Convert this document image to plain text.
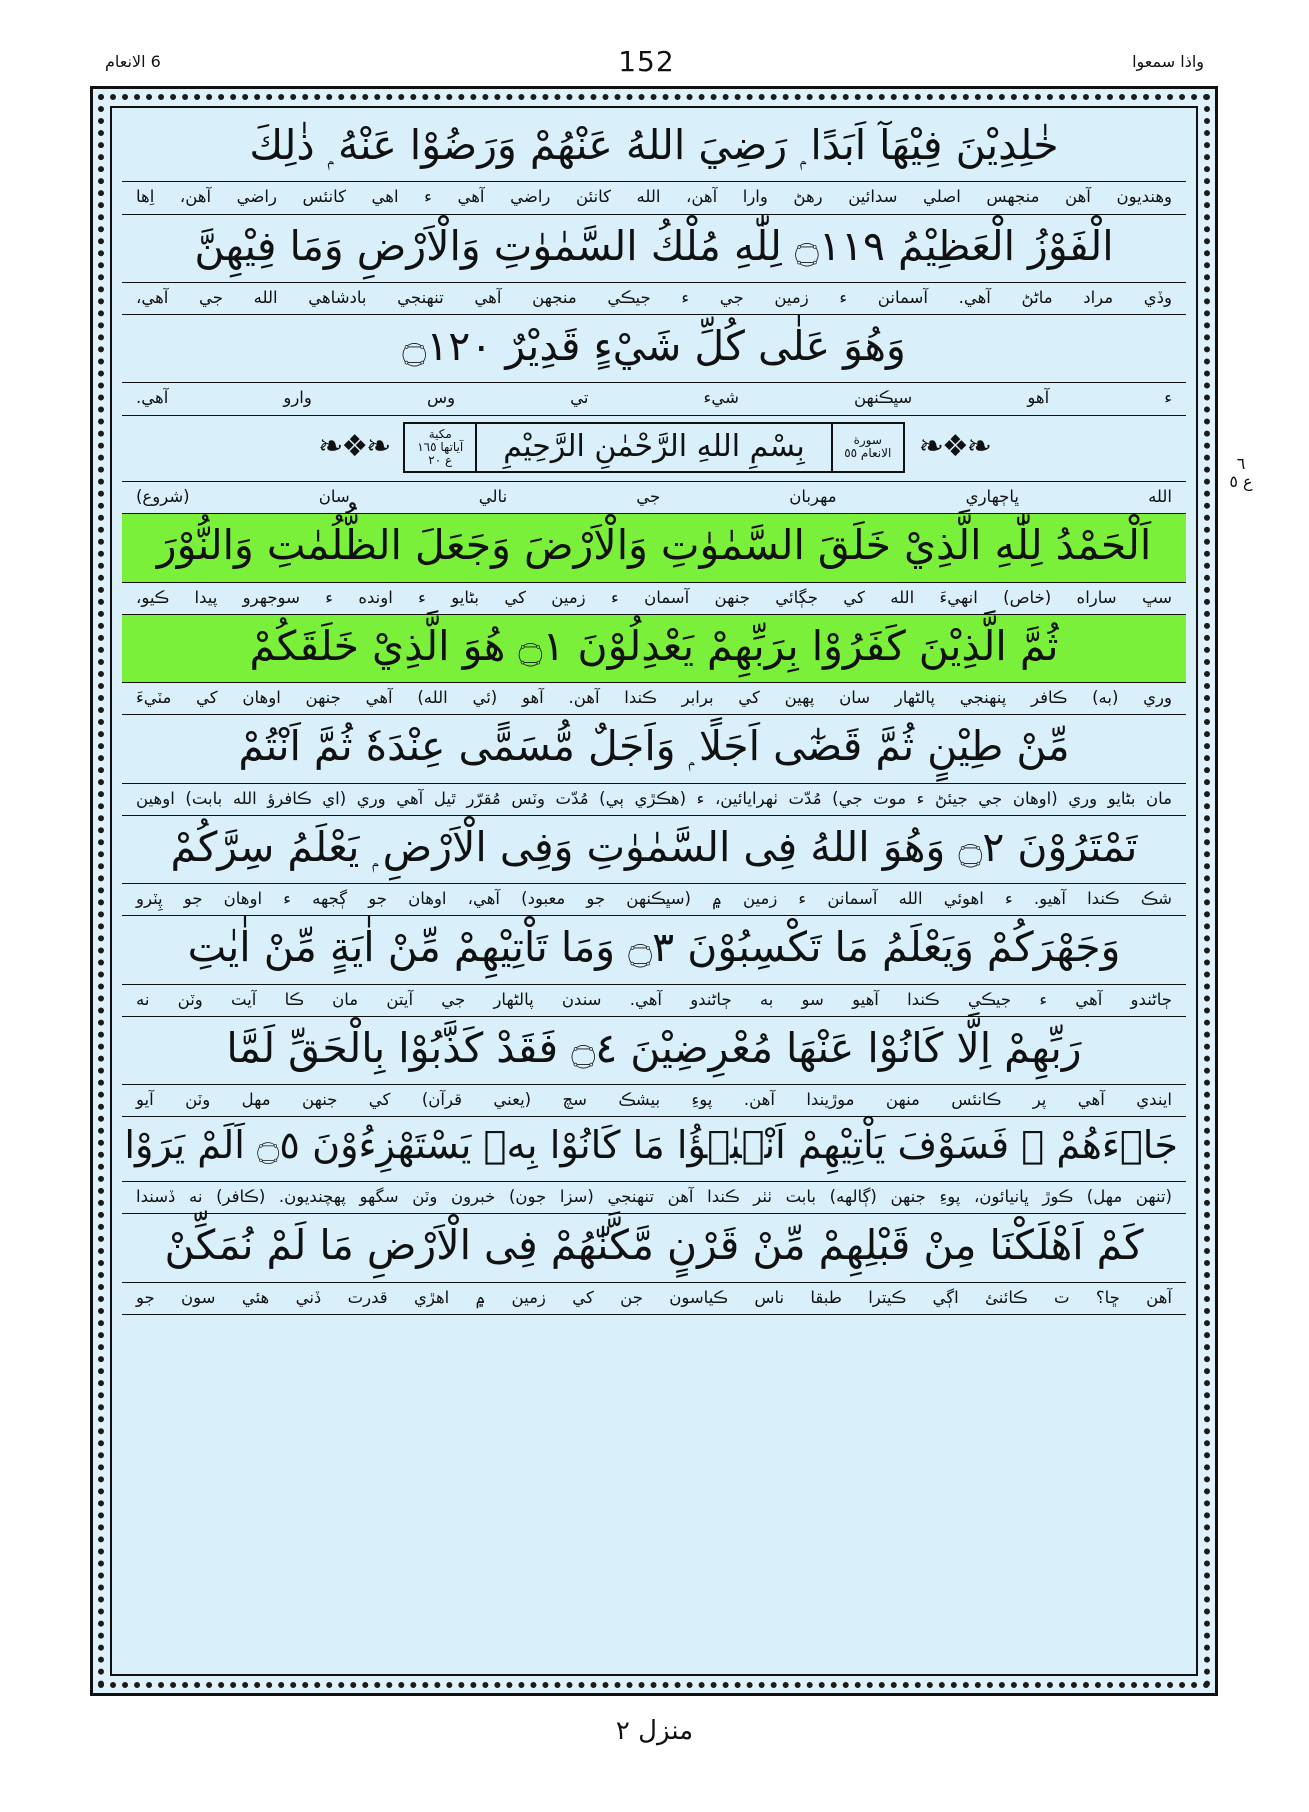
واذا سمعوا
152
6 الانعام
٦
ع ٥
خٰلِدِيْنَ فِيْهَآ اَبَدًا ۭ رَضِيَ اللهُ عَنْهُمْ وَرَضُوْا عَنْهُ ۭ ذٰلِكَ
وهندي‍ون آهن منجهس اصلي سدائين رهڻ وارا آهن، الله کانئن راضي آهي ء اهي کانئس راضي آهن، اِها
الْفَوْزُ الْعَظِيْمُ ۝١١٩ لِلّٰهِ مُلْكُ السَّمٰوٰتِ وَالْاَرْضِ وَمَا فِيْهِنَّ
وڏي مراد ماڻڻ آهي. آسمانن ء زمين جي ء جيڪي منجهن آهي تنهنجي بادشاهي الله جي آهي،
وَهُوَ عَلٰى كُلِّ شَيْءٍ قَدِيْرٌ ۝١٢٠
ء آهو سڀڪنهن شيء تي وس وارو آهي.
❧❖❧
سورة
الانعام ٥٥
بِسْمِ اللهِ الرَّحْمٰنِ الرَّحِيْمِ
مكية
آياتها ١٦٥
ع ٢٠
❧❖❧
الله ڀاڄهاري مهربان جي نالي سان (شروع)
اَلْحَمْدُ لِلّٰهِ الَّذِيْ خَلَقَ السَّمٰوٰتِ وَالْاَرْضَ وَجَعَلَ الظُّلُمٰتِ وَالنُّوْرَ
سڀ ساراه (خاص) انهيءَ الله کي جڳائي جنهن آسمان ء زمين کي بڻايو ء اونده ء سوجهرو پيدا ڪيو،
ثُمَّ الَّذِيْنَ كَفَرُوْا بِرَبِّهِمْ يَعْدِلُوْنَ ۝١ هُوَ الَّذِيْ خَلَقَكُمْ
وري (به) ڪافر پنهنجي پالڻهار سان پهين کي برابر ڪندا آهن. آهو (ئي الله) آهي جنهن اوهان کي مٽيءَ
مِّنْ طِيْنٍ ثُمَّ قَضٰٓى اَجَلًا ۭ وَاَجَلٌ مُّسَمًّى عِنْدَهٗ ثُمَّ اَنْتُمْ
مان بڻايو وري (اوهان جي جيئڻ ء موت جي) مُدّت ٺهرايائين، ء (هڪڙي ٻي) مُدّت وٽس مُقرّر ٿيل آهي وري (اي ڪافرؤ الله بابت) اوهين
تَمْتَرُوْنَ ۝٢ وَهُوَ اللهُ فِى السَّمٰوٰتِ وَفِى الْاَرْضِ ۭ يَعْلَمُ سِرَّكُمْ
شڪ ڪندا آهيو. ء اهوئي الله آسمانن ء زمين ۾ (سڀڪنهن جو معبود) آهي، اوهان جو ڳجهه ء اوهان جو پِٽرو
وَجَهْرَكُمْ وَيَعْلَمُ مَا تَكْسِبُوْنَ ۝٣ وَمَا تَاْتِيْهِمْ مِّنْ اٰيَةٍ مِّنْ اٰيٰتِ
ڄاڻندو آهي ء جيڪي ڪندا آهيو سو به ڄاڻندو آهي. سندن پالڻهار جي آيتن مان ڪا آيت وٽن نه
رَبِّهِمْ اِلَّا كَانُوْا عَنْهَا مُعْرِضِيْنَ ۝٤ فَقَدْ كَذَّبُوْا بِالْحَقِّ لَمَّا
ايندي آهي پر ڪانئس منهن موڙيندا آهن. پوءِ بيشڪ سچ (يعني قرآن) کي جنهن مهل وٽن آيو
جَاۗءَهُمْ ۭ فَسَوْفَ يَاْتِيْهِمْ اَنْۢبٰۗؤُا مَا كَانُوْا بِهٖ يَسْتَهْزِءُوْنَ ۝٥ اَلَمْ يَرَوْا
(تنهن مهل) ڪوڙ ڀانيائون، پوءِ جنهن (ڳالهه) بابت ٺٺر ڪندا آهن تنهنجي (سزا جون) خبرون وٽن سگهو پهچنديون. (ڪافر) نه ڏسندا
كَمْ اَهْلَكْنَا مِنْ قَبْلِهِمْ مِّنْ قَرْنٍ مَّكَّنّٰهُمْ فِى الْاَرْضِ مَا لَمْ نُمَكِّنْ
آهن ڇا؟ ت ڪائن‍ئ اڳي ڪيترا طبقا ناس ڪياسون جن کي زمين ۾ اهڙي قدرت ڏني هئي سون جو
منزل ٢
